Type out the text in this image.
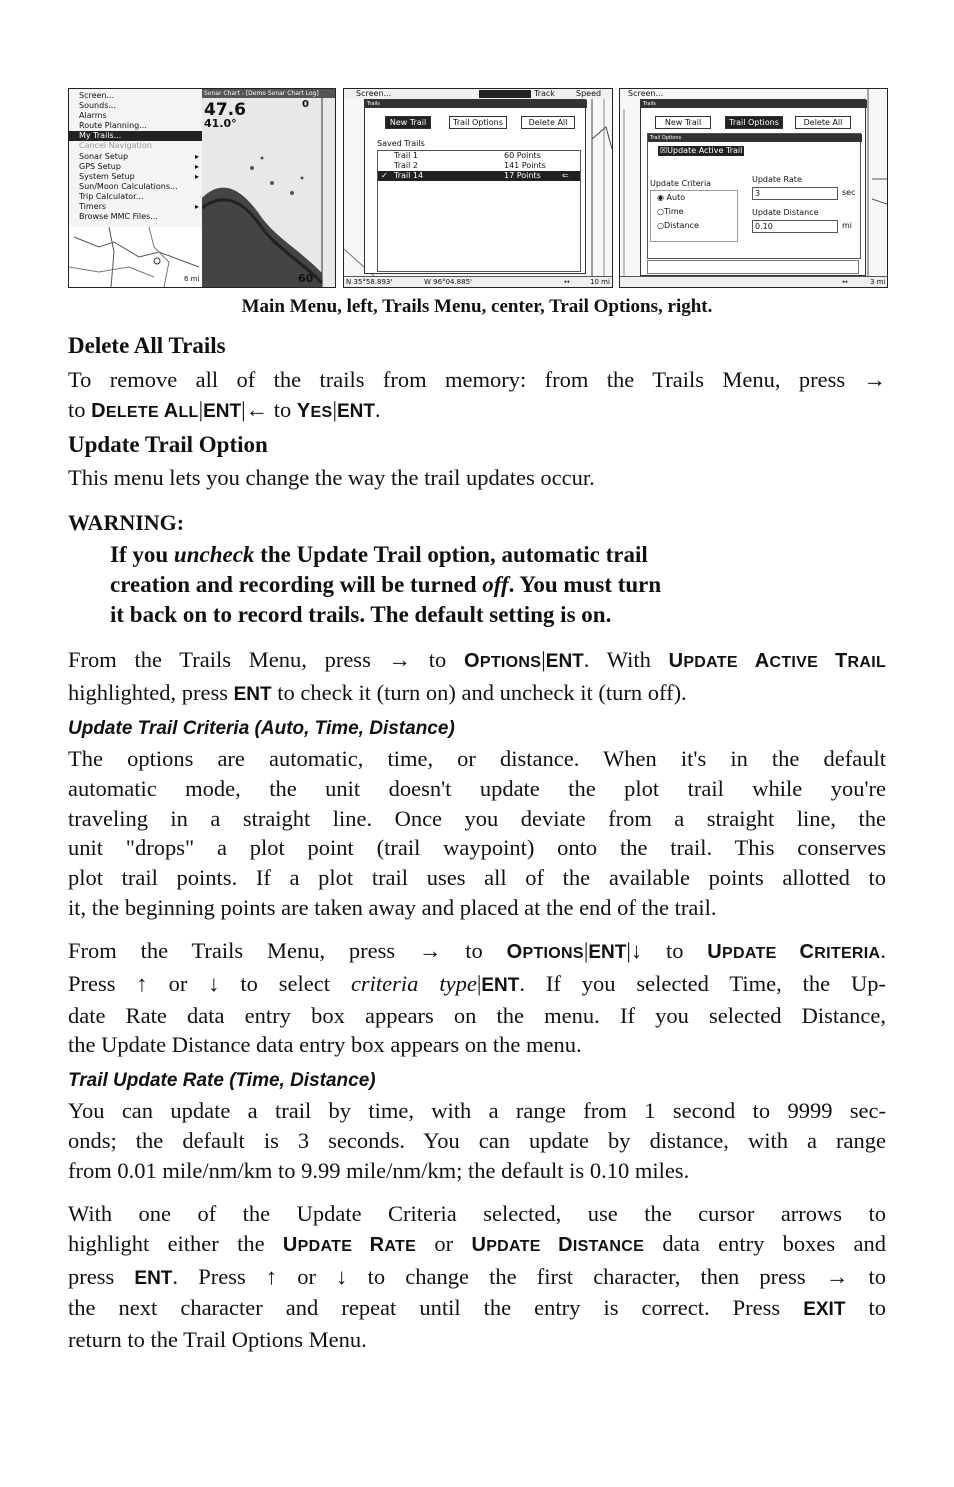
Screen...
Sounds...
Alarms
Route Planning...
My Trails...
Cancel Navigation
Sonar Setup
GPS Setup
System Setup
Sun/Moon Calculations...
Trip Calculator...
Timers
Browse MMC Files...
▸
▸
▸
▸
6 mi
Sonar Chart - [Demo Sonar Chart Log]
47.6
41.0°
0
60
Screen...	Track	Speed
Trails
New Trail	Trail Options	Delete All
Saved Trails
Trail 1	60 Points
Trail 2	141 Points
✓ Trail 14	17 Points	⇐
N 35°58.893'	W 96°04.885'	↔	10 mi
Screen...
Trails
New Trail	Trail Options	Delete All
Trail Options
☒Update Active Trail
Update Criteria
◉ Auto
○Time
○Distance
Update Rate
3	sec
Update Distance
0.10	mi
↔	3 mi
Main Menu, left, Trails Menu, center, Trail Options, right.
Delete All Trails
To remove all of the trails from memory: from the Trails Menu, press →
to DELETE ALL|ENT|← to YES|ENT.
Update Trail Option
This menu lets you change the way the trail updates occur.
WARNING:
If you uncheck the Update Trail option, automatic trail
creation and recording will be turned off. You must turn
it back on to record trails. The default setting is on.
From the Trails Menu, press → to OPTIONS|ENT. With UPDATE ACTIVE TRAIL
highlighted, press ENT to check it (turn on) and uncheck it (turn off).
Update Trail Criteria (Auto, Time, Distance)
The options are automatic, time, or distance. When it's in the default
automatic mode, the unit doesn't update the plot trail while you're
traveling in a straight line. Once you deviate from a straight line, the
unit "drops" a plot point (trail waypoint) onto the trail. This conserves
plot trail points. If a plot trail uses all of the available points allotted to
it, the beginning points are taken away and placed at the end of the trail.
From the Trails Menu, press → to OPTIONS|ENT|↓ to UPDATE CRITERIA.
Press ↑ or ↓ to select criteria type|ENT. If you selected Time, the Up-
date Rate data entry box appears on the menu. If you selected Distance,
the Update Distance data entry box appears on the menu.
Trail Update Rate (Time, Distance)
You can update a trail by time, with a range from 1 second to 9999 sec-
onds; the default is 3 seconds. You can update by distance, with a range
from 0.01 mile/nm/km to 9.99 mile/nm/km; the default is 0.10 miles.
With one of the Update Criteria selected, use the cursor arrows to
highlight either the UPDATE RATE or UPDATE DISTANCE data entry boxes and
press ENT. Press ↑ or ↓ to change the first character, then press → to
the next character and repeat until the entry is correct. Press EXIT to
return to the Trail Options Menu.
